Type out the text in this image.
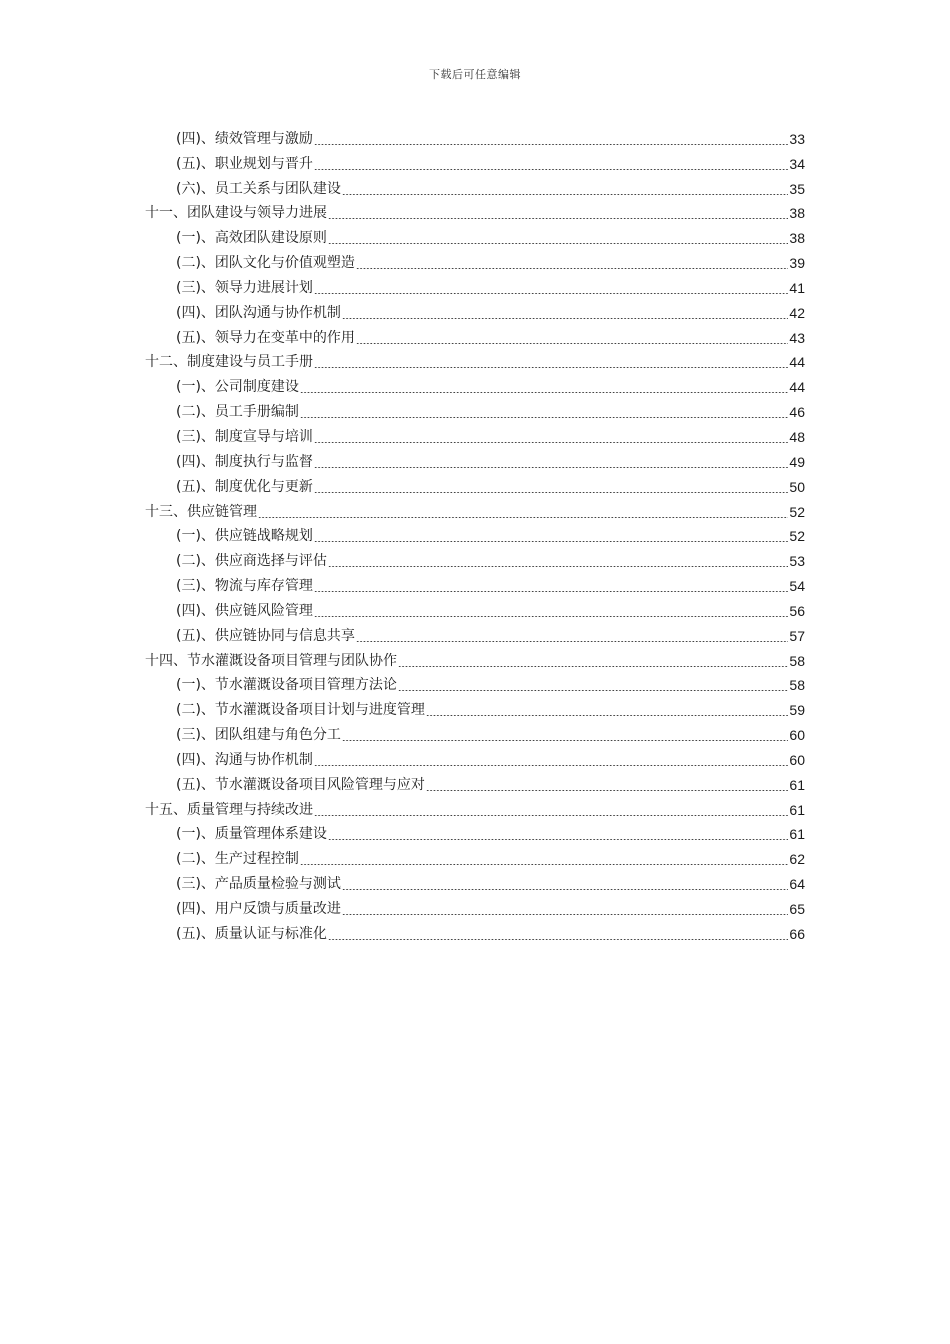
下载后可任意编辑
(四)、绩效管理与激励	33
(五)、职业规划与晋升	34
(六)、员工关系与团队建设	35
十一、团队建设与领导力进展	38
(一)、高效团队建设原则	38
(二)、团队文化与价值观塑造	39
(三)、领导力进展计划	41
(四)、团队沟通与协作机制	42
(五)、领导力在变革中的作用	43
十二、制度建设与员工手册	44
(一)、公司制度建设	44
(二)、员工手册编制	46
(三)、制度宣导与培训	48
(四)、制度执行与监督	49
(五)、制度优化与更新	50
十三、供应链管理	52
(一)、供应链战略规划	52
(二)、供应商选择与评估	53
(三)、物流与库存管理	54
(四)、供应链风险管理	56
(五)、供应链协同与信息共享	57
十四、节水灌溉设备项目管理与团队协作	58
(一)、节水灌溉设备项目管理方法论	58
(二)、节水灌溉设备项目计划与进度管理	59
(三)、团队组建与角色分工	60
(四)、沟通与协作机制	60
(五)、节水灌溉设备项目风险管理与应对	61
十五、质量管理与持续改进	61
(一)、质量管理体系建设	61
(二)、生产过程控制	62
(三)、产品质量检验与测试	64
(四)、用户反馈与质量改进	65
(五)、质量认证与标准化	66
